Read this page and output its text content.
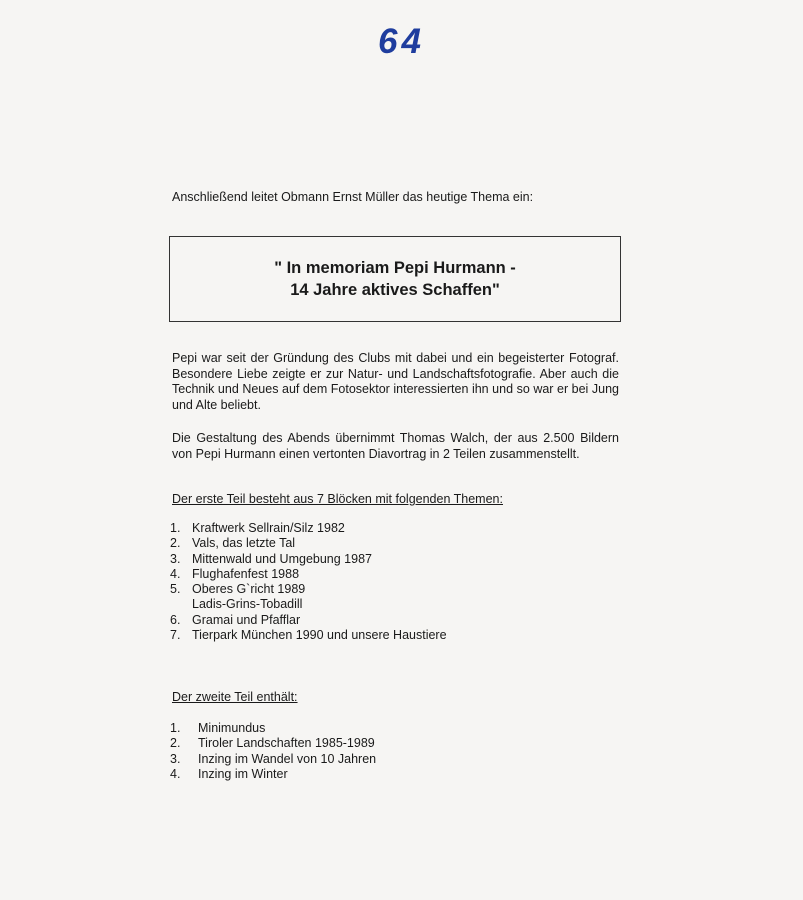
64
Anschließend leitet Obmann Ernst Müller das heutige Thema ein:
" In memoriam Pepi Hurmann -
14 Jahre aktives Schaffen"

Pepi war seit der Gründung des Clubs mit dabei und ein begeisterter Fotograf. Besondere Liebe zeigte er zur Natur- und Landschaftsfotografie. Aber auch die Technik und Neues auf dem Fotosektor interessierten ihn und so war er bei Jung und Alte beliebt.

Die Gestaltung des Abends übernimmt Thomas Walch, der aus 2.500 Bildern von Pepi Hurmann einen vertonten Diavortrag in 2 Teilen zusammenstellt.

Der erste Teil besteht aus 7 Blöcken mit folgenden Themen:
1. Kraftwerk Sellrain/Silz 1982
2. Vals, das letzte Tal
3. Mittenwald und Umgebung 1987
4. Flughafenfest 1988
5. Oberes G`richt 1989
Ladis-Grins-Tobadill
6. Gramai und Pfafflar
7. Tierpark München 1990 und unsere Haustiere
Der zweite Teil enthält:
1.	Minimundus
2.	Tiroler Landschaften 1985-1989
3.	Inzing im Wandel von 10 Jahren
4.	Inzing im Winter
